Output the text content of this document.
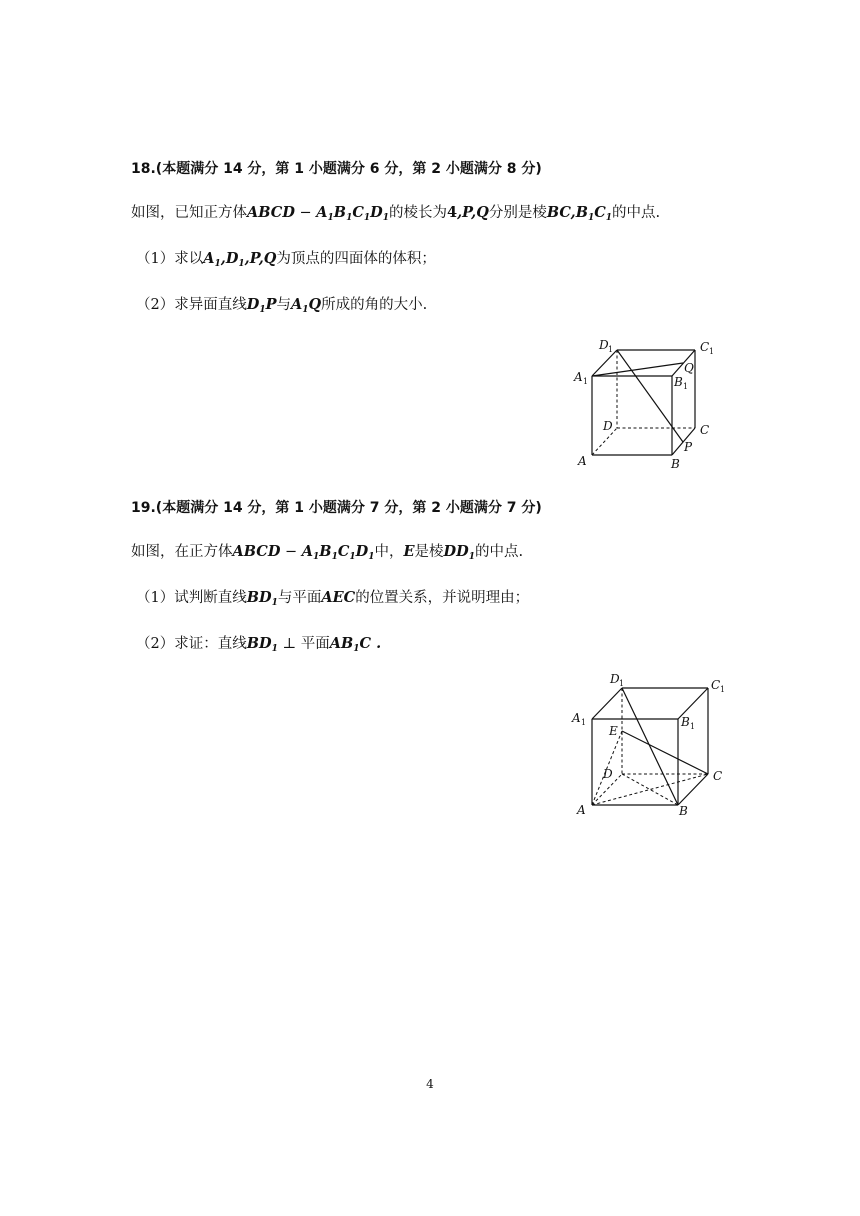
18.(本题满分 14 分，第 1 小题满分 6 分，第 2 小题满分 8 分)
如图，已知正方体ABCD − $A_1B_1C_1D_1$的棱长为4,P,Q分别是棱$BC,B_1C_1$的中点.
（1）求以$A_1,D_1,P,Q$为顶点的四面体的体积；
（2）求异面直线$D_1P$与$A_1Q$所成的角的大小.
D 1	C 1
A 1	B 1
Q
D	C
P
A	B
19.(本题满分 14 分，第 1 小题满分 7 分，第 2 小题满分 7 分)
如图，在正方体ABCD − $A_1B_1C_1D_1$中，E是棱$DD_1$的中点.
（1）试判断直线$BD_1$与平面AEC的位置关系，并说明理由；
（2）求证：直线$BD_1$ ⊥ 平面$AB_1C$ .
D 1	C 1
A 1	B 1
E
D	C
A	B
4
